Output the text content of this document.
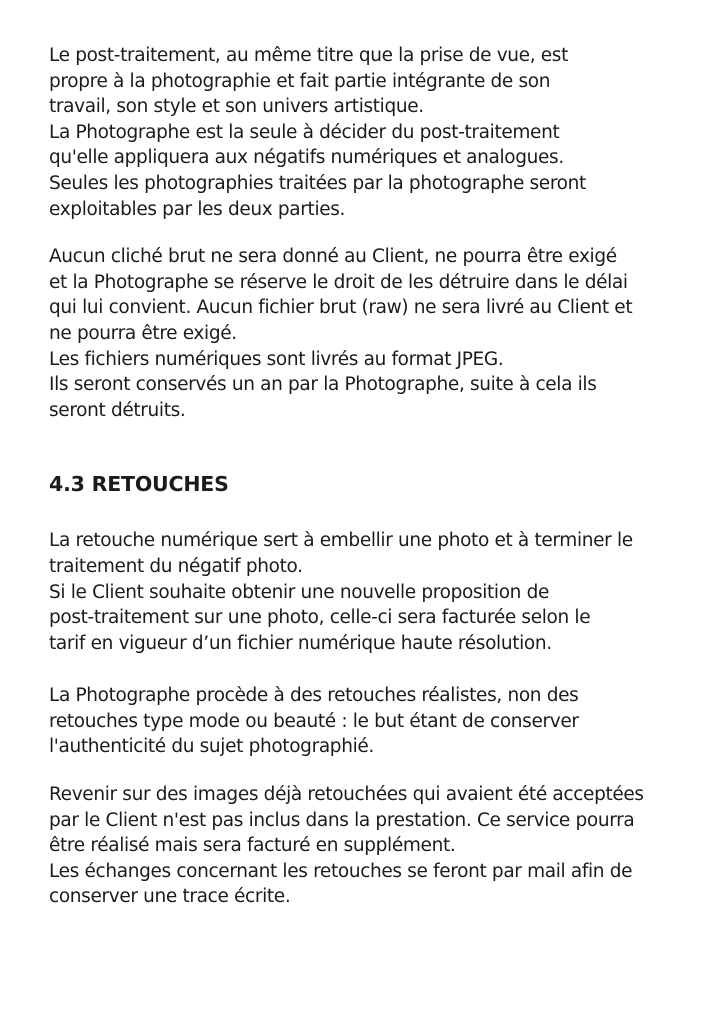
Le post-traitement, au même titre que la prise de vue, est
propre à la photographie et fait partie intégrante de son
travail, son style et son univers artistique.
La Photographe est la seule à décider du post-traitement
qu'elle appliquera aux négatifs numériques et analogues.
Seules les photographies traitées par la photographe seront
exploitables par les deux parties.

Aucun cliché brut ne sera donné au Client, ne pourra être exigé
et la Photographe se réserve le droit de les détruire dans le délai
qui lui convient. Aucun fichier brut (raw) ne sera livré au Client et
ne pourra être exigé.
Les fichiers numériques sont livrés au format JPEG.
Ils seront conservés un an par la Photographe, suite à cela ils
seront détruits.

4.3 RETOUCHES

La retouche numérique sert à embellir une photo et à terminer le
traitement du négatif photo.
Si le Client souhaite obtenir une nouvelle proposition de
post-traitement sur une photo, celle-ci sera facturée selon le
tarif en vigueur d’un fichier numérique haute résolution.

La Photographe procède à des retouches réalistes, non des
retouches type mode ou beauté : le but étant de conserver
l'authenticité du sujet photographié.

Revenir sur des images déjà retouchées qui avaient été acceptées
par le Client n'est pas inclus dans la prestation. Ce service pourra
être réalisé mais sera facturé en supplément.
Les échanges concernant les retouches se feront par mail afin de
conserver une trace écrite.
